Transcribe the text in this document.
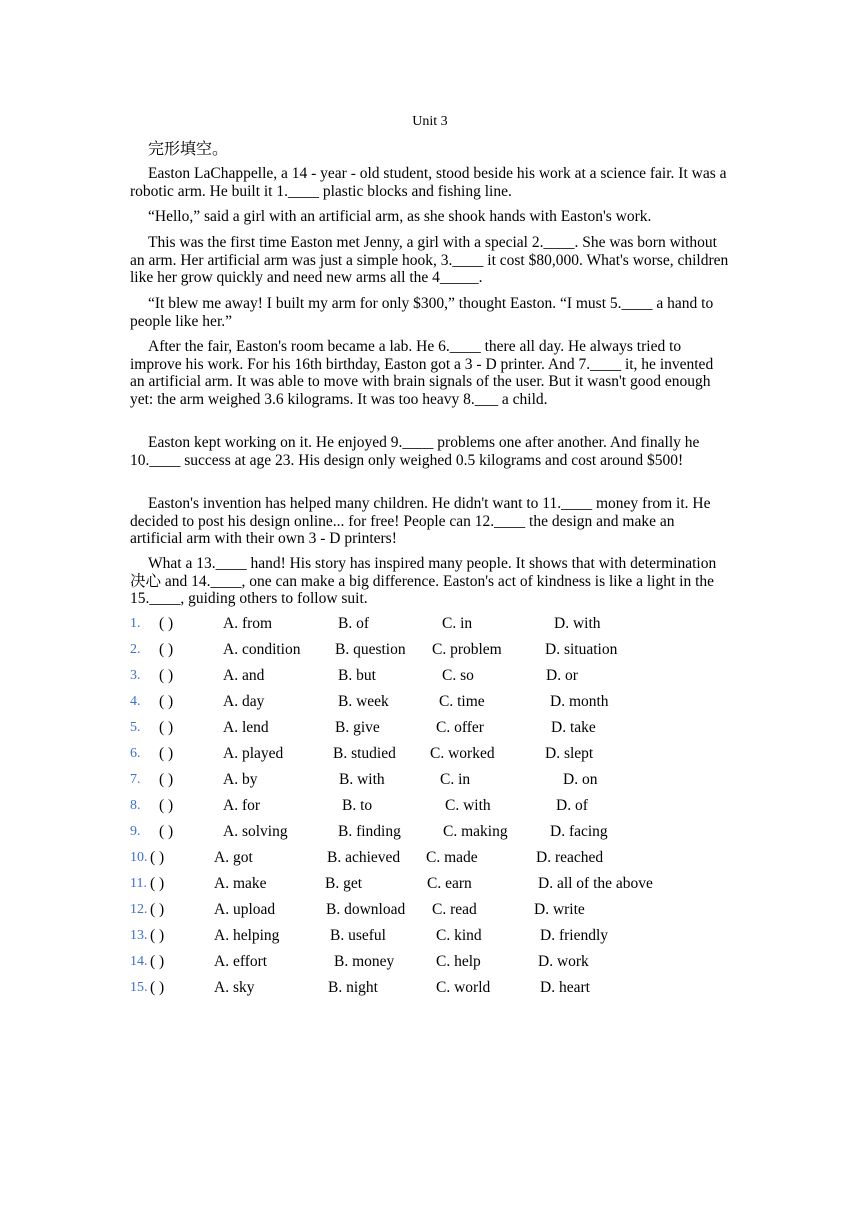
Unit 3
完形填空。

Easton LaChappelle, a 14 - year - old student, stood beside his work at a science fair. It was a robotic arm. He built it 1.____ plastic blocks and fishing line.

“Hello,” said a girl with an artificial arm, as she shook hands with Easton's work.

This was the first time Easton met Jenny, a girl with a special 2.____. She was born without an arm. Her artificial arm was just a simple hook, 3.____ it cost $80,000. What's worse, children like her grow quickly and need new arms all the 4_____.

“It blew me away! I built my arm for only $300,” thought Easton. “I must 5.____ a hand to people like her.”

After the fair, Easton's room became a lab. He 6.____ there all day. He always tried to improve his work. For his 16th birthday, Easton got a 3 - D printer. And 7.____ it, he invented an artificial arm. It was able to move with brain signals of the user. But it wasn't good enough yet: the arm weighed 3.6 kilograms. It was too heavy 8.___ a child.

Easton kept working on it. He enjoyed 9.____ problems one after another. And finally he 10.____ success at age 23. His design only weighed 0.5 kilograms and cost around $500!

Easton's invention has helped many children. He didn't want to 11.____ money from it. He decided to post his design online... for free! People can 12.____ the design and make an artificial arm with their own 3 - D printers!

What a 13.____ hand! His story has inspired many people. It shows that with determination 决心 and 14.____, one can make a big difference. Easton's act of kindness is like a light in the 15.____, guiding others to follow suit.

1. ( )	A. from	B. of	C. in	D. with
2. ( )	A. condition B. question C. problem	D. situation
3. ( )	A. and	B. but	C. so	D. or
4. ( )	A. day	B. week	C. time	D. month
5. ( )	A. lend	B. give	C. offer	D. take
6. ( )	A. played	B. studied C. worked	D. slept
7. ( )	A. by	B. with	C. in	D. on
8. ( )	A. for	B. to	C. with	D. of
9. ( )	A. solving	B. finding	C. making	D. facing
10. ( )	A. got	B. achieved C. made	D. reached
11. ( )	A. make	B. get	C. earn	D. all of the above
12. ( )	A. upload	B. download C. read	D. write
13. ( )	A. helping	B. useful	C. kind	D. friendly
14. ( )	A. effort	B. money	C. help	D. work
15. ( )	A. sky	B. night	C. world	D. heart
